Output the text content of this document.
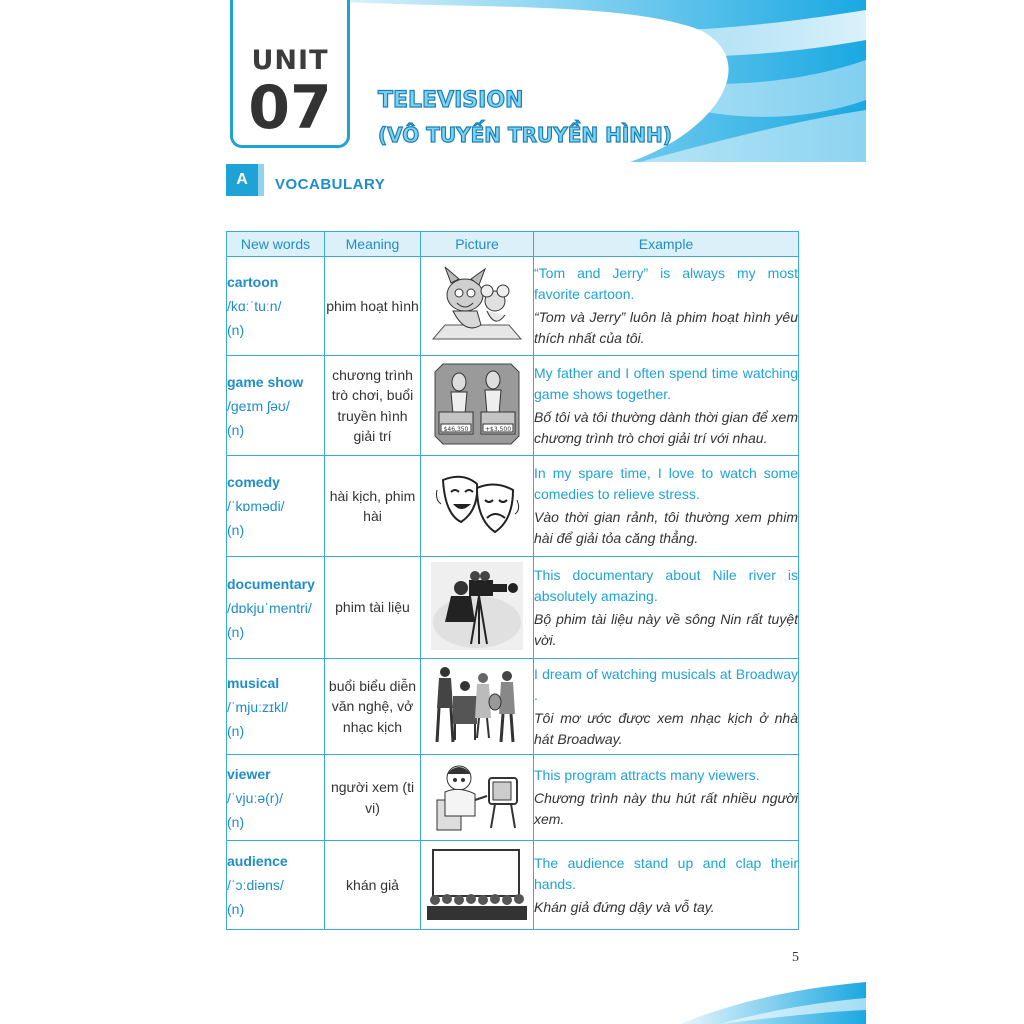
UNIT
07	TELEVISION
(VÔ TUYẾN TRUYỀN HÌNH)
A	VOCABULARY
New words	Meaning	Picture	Example

cartoon
/kɑːˈtuːn/
(n)	phim hoạt hình		“Tom and Jerry” is always my most favorite cartoon.
“Tom và Jerry” luôn là phim hoạt hình yêu thích nhất của tôi.

game show
/ɡeɪm ʃəʊ/
(n)	chương trình trò chơi, buổi truyền hình giải trí	$46,350 +$3,500	My father and I often spend time watching game shows together.
Bố tôi và tôi thường dành thời gian để xem chương trình trò chơi giải trí với nhau.

comedy
/ˈkɒmədi/
(n)	hài kịch, phim hài		In my spare time, I love to watch some comedies to relieve stress.
Vào thời gian rảnh, tôi thường xem phim hài để giải tỏa căng thẳng.

documentary
/dɒkjuˈmentri/
(n)	phim tài liệu		This documentary about Nile river is absolutely amazing.
Bộ phim tài liệu này về sông Nin rất tuyệt vời.

musical
/ˈmjuːzɪkl/
(n)	buổi biểu diễn văn nghệ, vở nhạc kịch		I dream of watching musicals at Broadway .
Tôi mơ ước được xem nhạc kịch ở nhà hát Broadway.

viewer
/ˈvjuːə(r)/
(n)	người xem (ti vi)		This program attracts many viewers.
Chương trình này thu hút rất nhiều người xem.

audience
/ˈɔːdiəns/
(n)	khán giả		The audience stand up and clap their hands.
Khán giả đứng dậy và vỗ tay.
5
